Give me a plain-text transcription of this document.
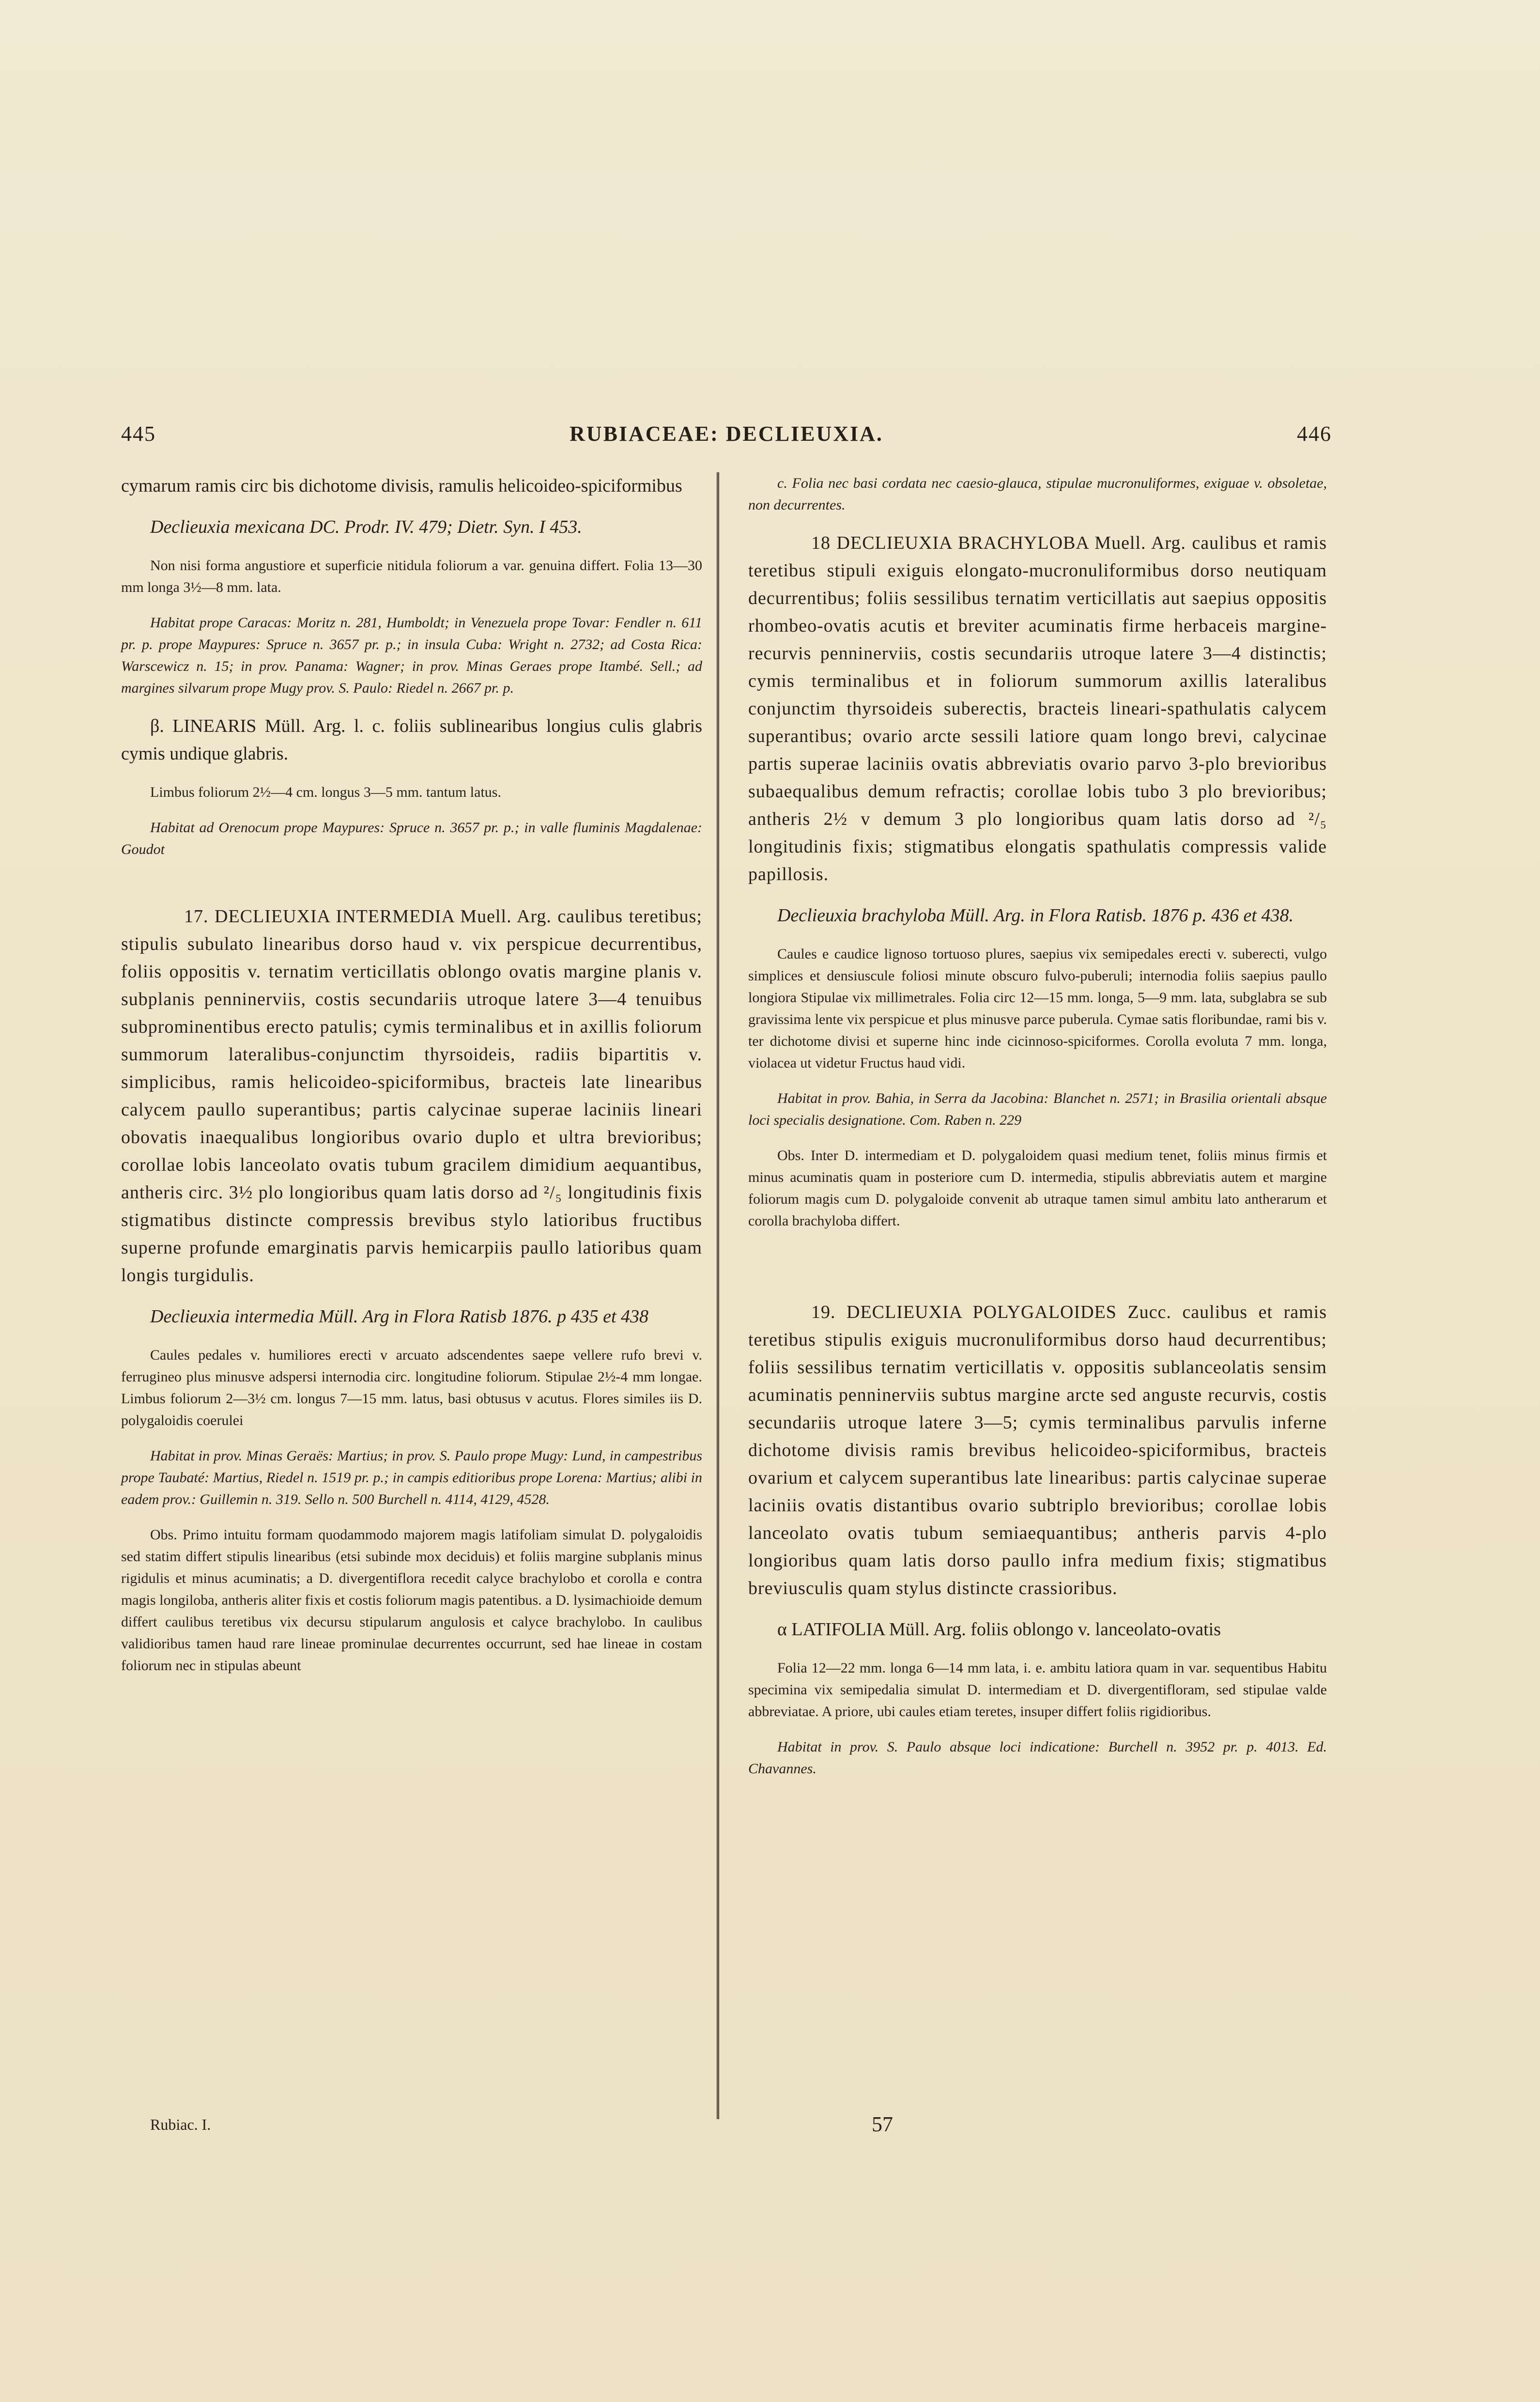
445	RUBIACEAE: DECLIEUXIA.	446

cymarum ramis circ bis dichotome divisis, ramulis helicoideo-spiciformibus

Declieuxia mexicana DC. Prodr. IV. 479; Dietr. Syn. I 453.

Non nisi forma angustiore et superficie nitidula foliorum a var. genuina differt. Folia 13—30 mm longa 3½—8 mm. lata.

Habitat prope Caracas: Moritz n. 281, Humboldt; in Venezuela prope Tovar: Fendler n. 611 pr. p. prope Maypures: Spruce n. 3657 pr. p.; in insula Cuba: Wright n. 2732; ad Costa Rica: Warscewicz n. 15; in prov. Panama: Wagner; in prov. Minas Geraes prope Itambé. Sell.; ad margines silvarum prope Mugy prov. S. Paulo: Riedel n. 2667 pr. p.

β. LINEARIS Müll. Arg. l. c. foliis sublinearibus longius culis glabris cymis undique glabris.

Limbus foliorum 2½—4 cm. longus 3—5 mm. tantum latus.

Habitat ad Orenocum prope Maypures: Spruce n. 3657 pr. p.; in valle fluminis Magdalenae: Goudot

17. DECLIEUXIA INTERMEDIA Muell. Arg. caulibus teretibus; stipulis subulato linearibus dorso haud v. vix perspicue decurrentibus, foliis oppositis v. ternatim verticillatis oblongo ovatis margine planis v. subplanis penninerviis, costis secundariis utroque latere 3—4 tenuibus subprominentibus erecto patulis; cymis terminalibus et in axillis foliorum summorum lateralibus-conjunctim thyrsoideis, radiis bipartitis v. simplicibus, ramis helicoideo-spiciformibus, bracteis late linearibus calycem paullo superantibus; partis calycinae superae laciniis lineari obovatis inaequalibus longioribus ovario duplo et ultra brevioribus; corollae lobis lanceolato ovatis tubum gracilem dimidium aequantibus, antheris circ. 3½ plo longioribus quam latis dorso ad ²/₅ longitudinis fixis stigmatibus distincte compressis brevibus stylo latioribus fructibus superne profunde emarginatis parvis hemicarpiis paullo latioribus quam longis turgidulis.

Declieuxia intermedia Müll. Arg in Flora Ratisb 1876. p 435 et 438

Caules pedales v. humiliores erecti v arcuato adscendentes saepe vellere rufo brevi v. ferrugineo plus minusve adspersi internodia circ. longitudine foliorum. Stipulae 2½-4 mm longae. Limbus foliorum 2—3½ cm. longus 7—15 mm. latus, basi obtusus v acutus. Flores similes iis D. polygaloidis coerulei

Habitat in prov. Minas Geraës: Martius; in prov. S. Paulo prope Mugy: Lund, in campestribus prope Taubaté: Martius, Riedel n. 1519 pr. p.; in campis editioribus prope Lorena: Martius; alibi in eadem prov.: Guillemin n. 319. Sello n. 500 Burchell n. 4114, 4129, 4528.

Obs. Primo intuitu formam quodammodo majorem magis latifoliam simulat D. polygaloidis sed statim differt stipulis linearibus (etsi subinde mox deciduis) et foliis margine subplanis minus rigidulis et minus acuminatis; a D. divergentiflora recedit calyce brachylobo et corolla e contra magis longiloba, antheris aliter fixis et costis foliorum magis patentibus. a D. lysimachioide demum differt caulibus teretibus vix decursu stipularum angulosis et calyce brachylobo. In caulibus validioribus tamen haud rare lineae prominulae decurrentes occurrunt, sed hae lineae in costam foliorum nec in stipulas abeunt

c. Folia nec basi cordata nec caesio-glauca, stipulae mucronuliformes, exiguae v. obsoletae, non decurrentes.

18 DECLIEUXIA BRACHYLOBA Muell. Arg. caulibus et ramis teretibus stipuli exiguis elongato-mucronuliformibus dorso neutiquam decurrentibus; foliis sessilibus ternatim verticillatis aut saepius oppositis rhombeo-ovatis acutis et breviter acuminatis firme herbaceis margine-recurvis penninerviis, costis secundariis utroque latere 3—4 distinctis; cymis terminalibus et in foliorum summorum axillis lateralibus conjunctim thyrsoideis suberectis, bracteis lineari-spathulatis calycem superantibus; ovario arcte sessili latiore quam longo brevi, calycinae partis superae laciniis ovatis abbreviatis ovario parvo 3-plo brevioribus subaequalibus demum refractis; corollae lobis tubo 3 plo brevioribus; antheris 2½ v demum 3 plo longioribus quam latis dorso ad ²/₅ longitudinis fixis; stigmatibus elongatis spathulatis compressis valide papillosis.

Declieuxia brachyloba Müll. Arg. in Flora Ratisb. 1876 p. 436 et 438.

Caules e caudice lignoso tortuoso plures, saepius vix semipedales erecti v. suberecti, vulgo simplices et densiuscule foliosi minute obscuro fulvo-puberuli; internodia foliis saepius paullo longiora Stipulae vix millimetrales. Folia circ 12—15 mm. longa, 5—9 mm. lata, subglabra se sub gravissima lente vix perspicue et plus minusve parce puberula. Cymae satis floribundae, rami bis v. ter dichotome divisi et superne hinc inde cicinnoso-spiciformes. Corolla evoluta 7 mm. longa, violacea ut videtur Fructus haud vidi.

Habitat in prov. Bahia, in Serra da Jacobina: Blanchet n. 2571; in Brasilia orientali absque loci specialis designatione. Com. Raben n. 229

Obs. Inter D. intermediam et D. polygaloidem quasi medium tenet, foliis minus firmis et minus acuminatis quam in posteriore cum D. intermedia, stipulis abbreviatis autem et margine foliorum magis cum D. polygaloide convenit ab utraque tamen simul ambitu lato antherarum et corolla brachyloba differt.

19. DECLIEUXIA POLYGALOIDES Zucc. caulibus et ramis teretibus stipulis exiguis mucronuliformibus dorso haud decurrentibus; foliis sessilibus ternatim verticillatis v. oppositis sublanceolatis sensim acuminatis penninerviis subtus margine arcte sed anguste recurvis, costis secundariis utroque latere 3—5; cymis terminalibus parvulis inferne dichotome divisis ramis brevibus helicoideo-spiciformibus, bracteis ovarium et calycem superantibus late linearibus: partis calycinae superae laciniis ovatis distantibus ovario subtriplo brevioribus; corollae lobis lanceolato ovatis tubum semiaequantibus; antheris parvis 4-plo longioribus quam latis dorso paullo infra medium fixis; stigmatibus breviusculis quam stylus distincte crassioribus.

α LATIFOLIA Müll. Arg. foliis oblongo v. lanceolato-ovatis

Folia 12—22 mm. longa 6—14 mm lata, i. e. ambitu latiora quam in var. sequentibus Habitu specimina vix semipedalia simulat D. intermediam et D. divergentifloram, sed stipulae valde abbreviatae. A priore, ubi caules etiam teretes, insuper differt foliis rigidioribus.

Habitat in prov. S. Paulo absque loci indicatione: Burchell n. 3952 pr. p. 4013. Ed. Chavannes.

Rubiac. I.	57
